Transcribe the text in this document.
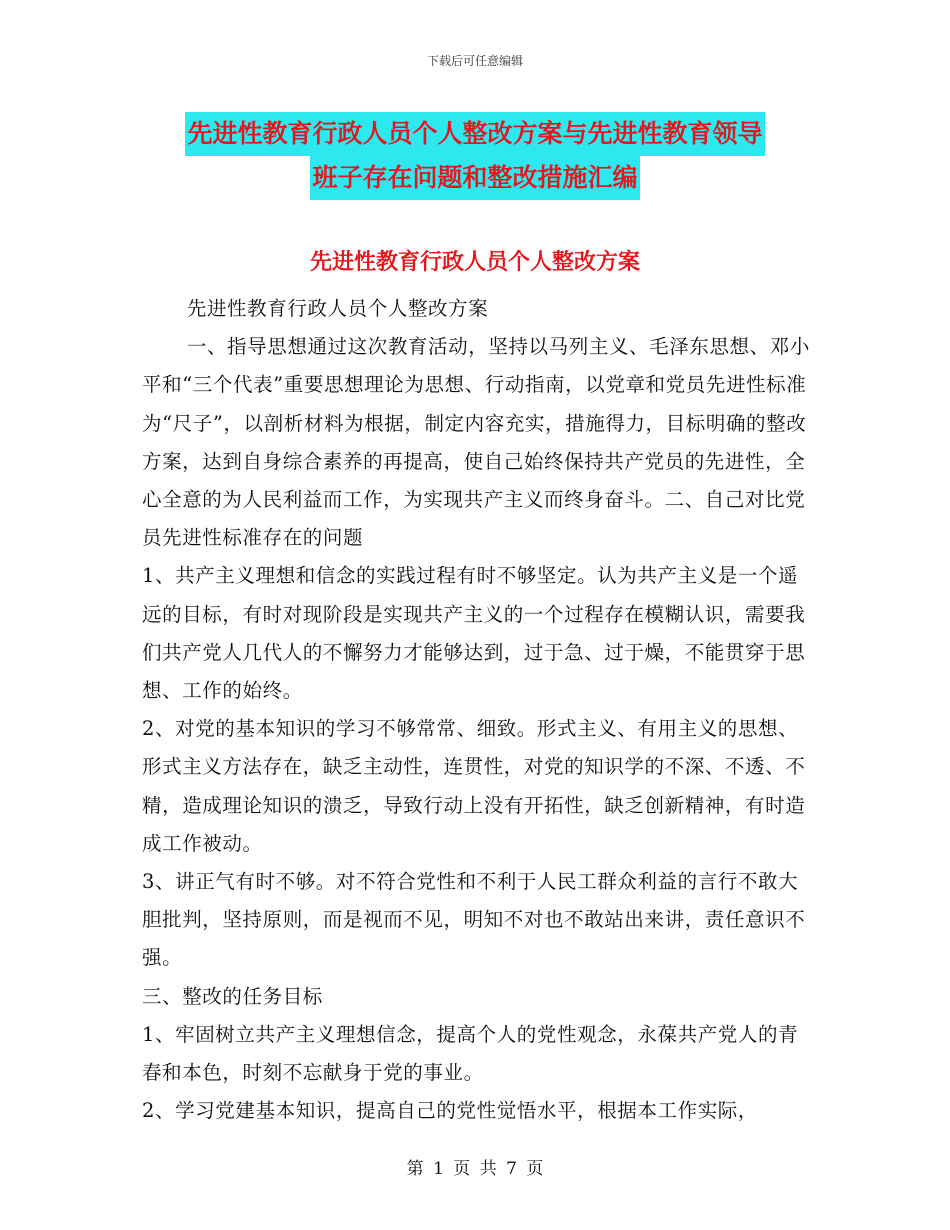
下载后可任意编辑
先进性教育行政人员个人整改方案与先进性教育领导
班子存在问题和整改措施汇编
先进性教育行政人员个人整改方案

先进性教育行政人员个人整改方案

一、指导思想通过这次教育活动，坚持以马列主义、毛泽东思想、邓小平和“三个代表”重要思想理论为思想、行动指南，以党章和党员先进性标准为“尺子”，以剖析材料为根据，制定内容充实，措施得力，目标明确的整改方案，达到自身综合素养的再提高，使自己始终保持共产党员的先进性，全心全意的为人民利益而工作，为实现共产主义而终身奋斗。二、自己对比党员先进性标准存在的问题

1、共产主义理想和信念的实践过程有时不够坚定。认为共产主义是一个遥远的目标，有时对现阶段是实现共产主义的一个过程存在模糊认识，需要我们共产党人几代人的不懈努力才能够达到，过于急、过于燥，不能贯穿于思想、工作的始终。

2、对党的基本知识的学习不够常常、细致。形式主义、有用主义的思想、形式主义方法存在，缺乏主动性，连贯性，对党的知识学的不深、不透、不精，造成理论知识的溃乏，导致行动上没有开拓性，缺乏创新精神，有时造成工作被动。

3、讲正气有时不够。对不符合党性和不利于人民工群众利益的言行不敢大胆批判，坚持原则，而是视而不见，明知不对也不敢站出来讲，责任意识不强。

三、整改的任务目标

1、牢固树立共产主义理想信念，提高个人的党性观念，永葆共产党人的青春和本色，时刻不忘献身于党的事业。

2、学习党建基本知识，提高自己的党性觉悟水平，根据本工作实际，

第 1 页 共 7 页
